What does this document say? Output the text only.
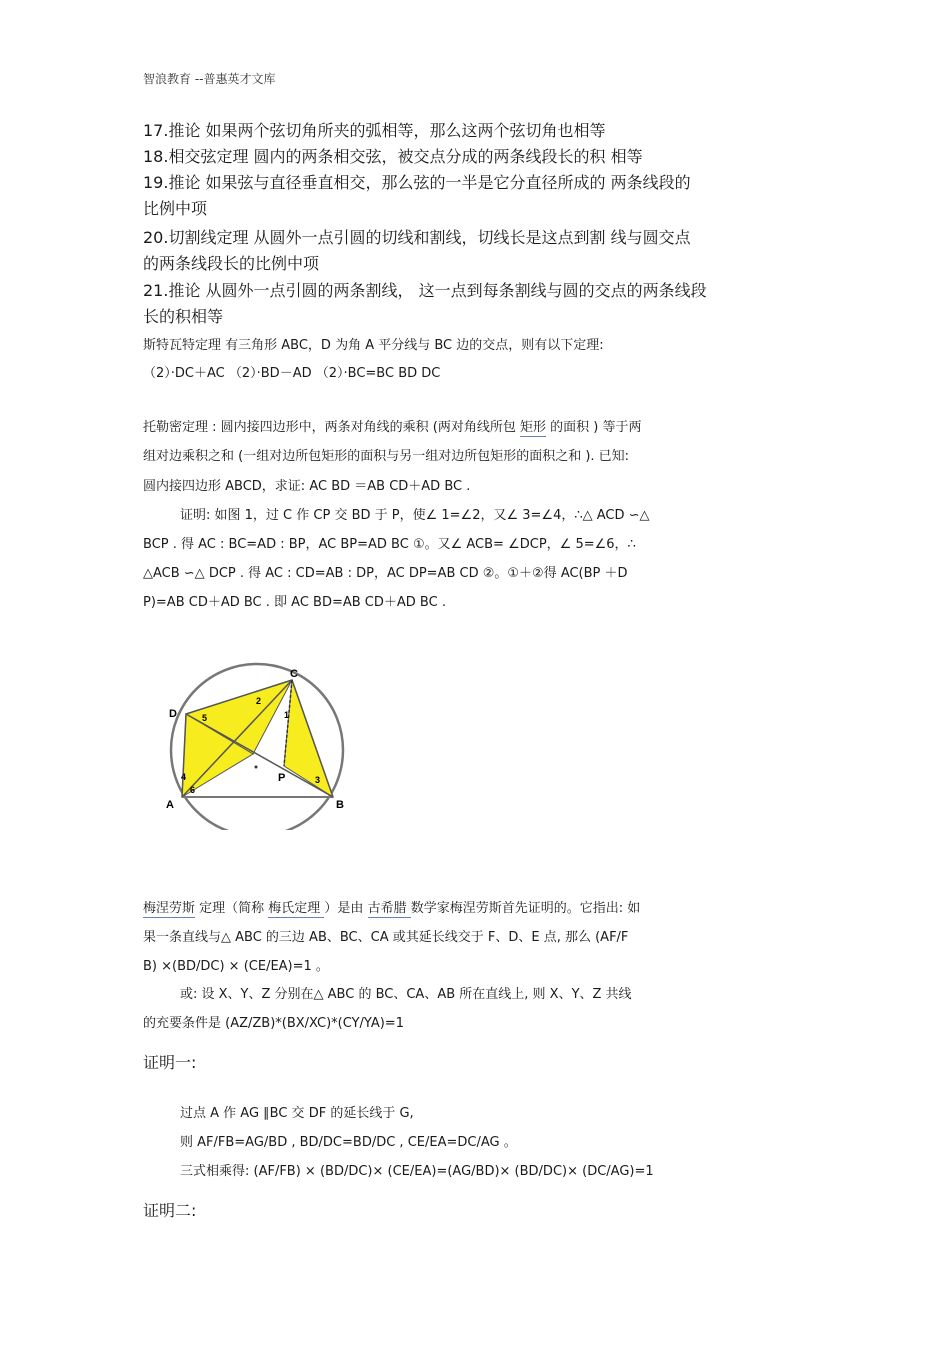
智浪教育 --普惠英才文库
17.推论 如果两个弦切角所夹的弧相等，那么这两个弦切角也相等
18.相交弦定理 圆内的两条相交弦，被交点分成的两条线段长的积 相等
19.推论 如果弦与直径垂直相交，那么弦的一半是它分直径所成的 两条线段的
比例中项
20.切割线定理 从圆外一点引圆的切线和割线，切线长是这点到割 线与圆交点
的两条线段长的比例中项
21.推论 从圆外一点引圆的两条割线， 这一点到每条割线与圆的交点的两条线段
长的积相等
斯特瓦特定理 有三角形 ABC，D 为角 A 平分线与 BC 边的交点，则有以下定理:
（2）·DC＋AC （2）·BD－AD （2）·BC=BC BD DC
托勒密定理 : 圆内接四边形中，两条对角线的乘积 (两对角线所包 矩形 的面积 ) 等于两
组对边乘积之和 (一组对边所包矩形的面积与另一组对边所包矩形的面积之和 ). 已知:
圆内接四边形 ABCD，求证: AC BD ＝AB CD＋AD BC .
证明: 如图 1，过 C 作 CP 交 BD 于 P，使∠ 1=∠2，又∠ 3=∠4，∴△ ACD ∽△
BCP . 得 AC : BC=AD : BP，AC BP=AD BC ①。又∠ ACB= ∠DCP，∠ 5=∠6，∴
△ACB ∽△ DCP . 得 AC : CD=AB : DP，AC DP=AB CD ②。①＋②得 AC(BP ＋D
P)=AB CD＋AD BC . 即 AC BD=AB CD＋AD BC .
C
D
A	B
P
1
2
3
4
5
6
梅涅劳斯 定理（简称 梅氏定理 ）是由 古希腊 数学家梅涅劳斯首先证明的。它指出: 如
果一条直线与△ ABC 的三边 AB、BC、CA 或其延长线交于 F、D、E 点, 那么 (AF/F
B) ×(BD/DC) × (CE/EA)=1 。
或: 设 X、Y、Z 分别在△ ABC 的 BC、CA、AB 所在直线上, 则 X、Y、Z 共线
的充要条件是 (AZ/ZB)*(BX/XC)*(CY/YA)=1
证明一:
过点 A 作 AG ∥BC 交 DF 的延长线于 G,
则 AF/FB=AG/BD , BD/DC=BD/DC , CE/EA=DC/AG 。
三式相乘得: (AF/FB) × (BD/DC)× (CE/EA)=(AG/BD)× (BD/DC)× (DC/AG)=1
证明二:
